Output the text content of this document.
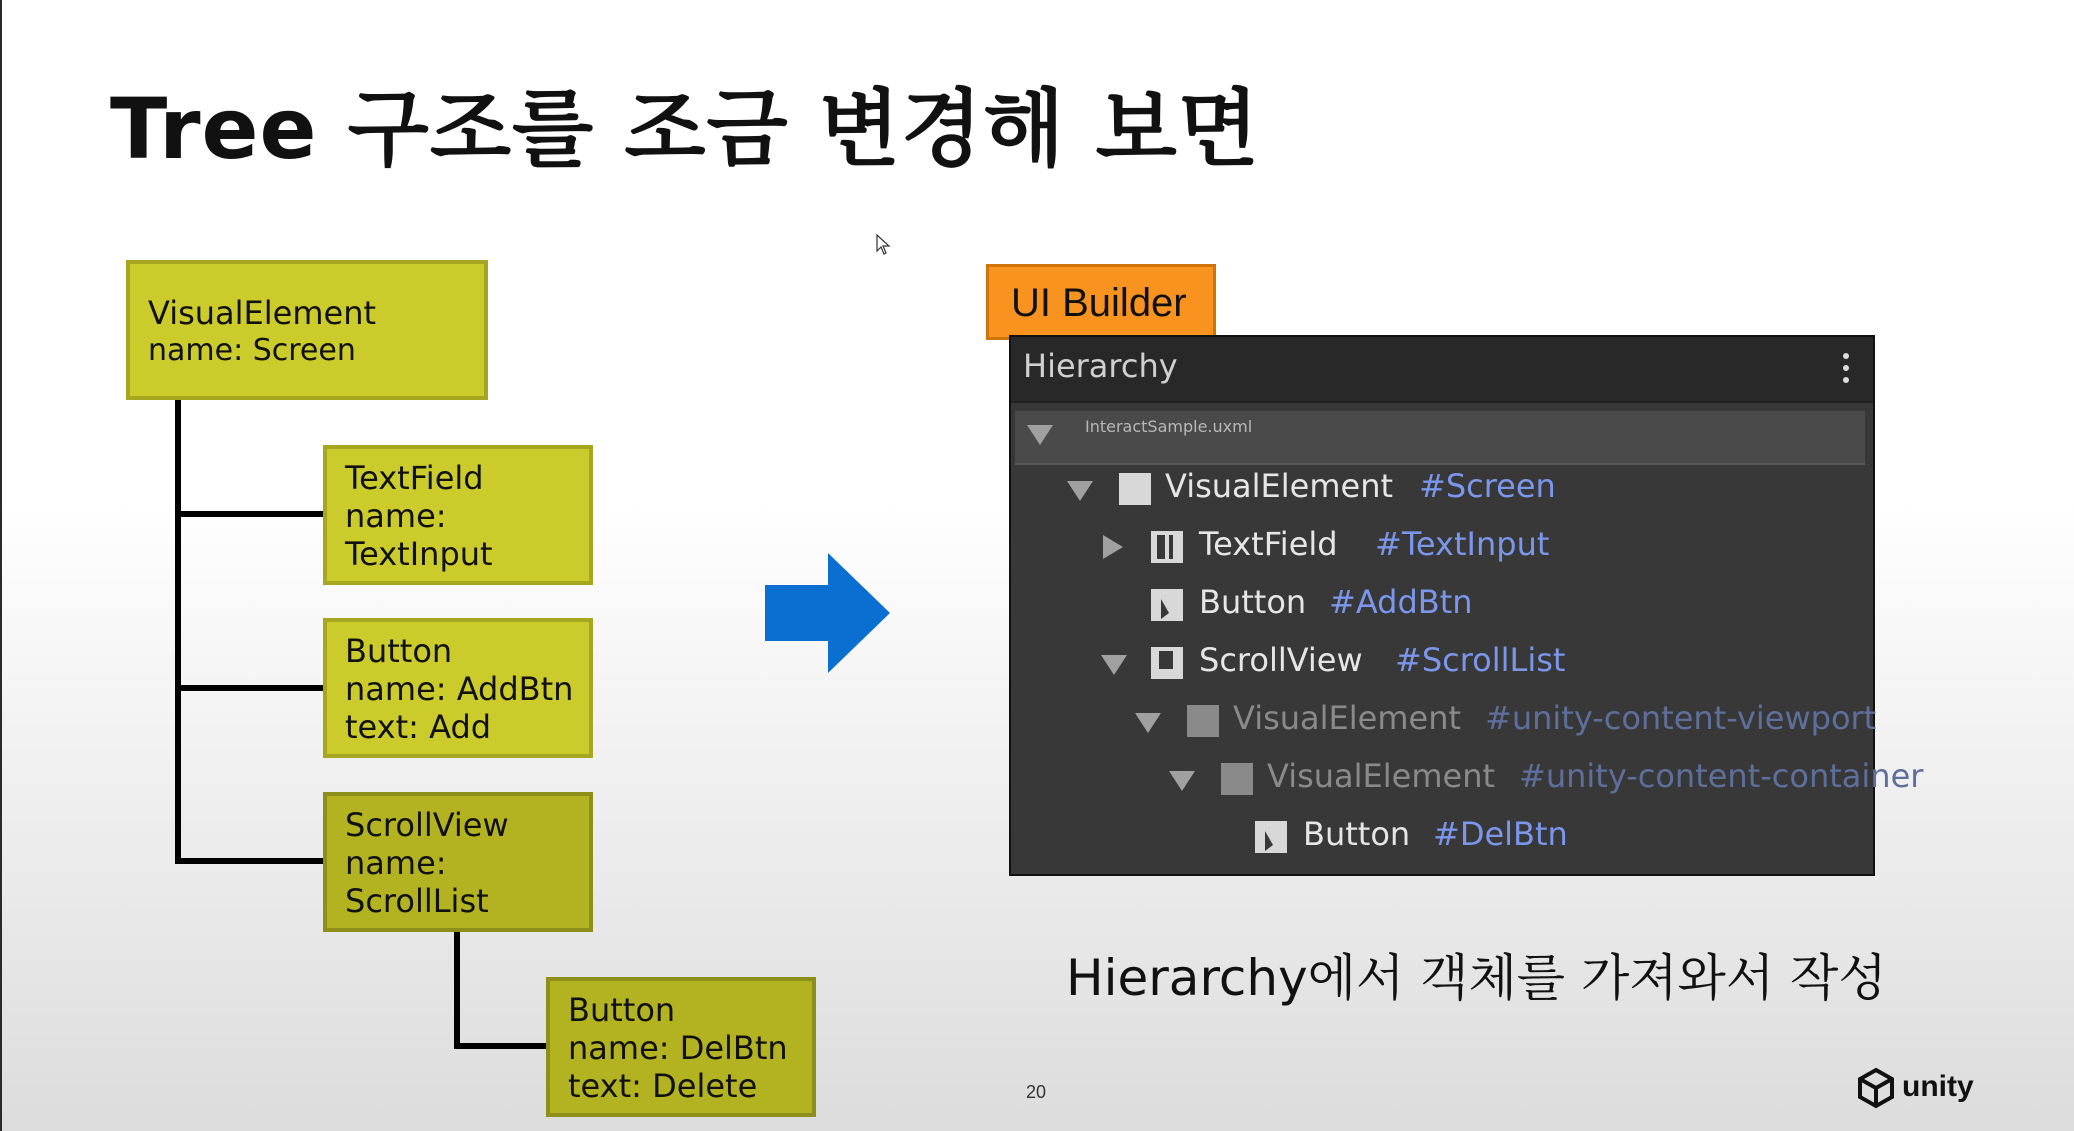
Tree 구조를 조금 변경해 보면
VisualElement
name: Screen
TextField
name:
TextInput
Button
name: AddBtn
text: Add
ScrollView
name:
ScrollList
Button
name: DelBtn
text: Delete
UI Builder
Hierarchy
InteractSample.uxml
VisualElement #Screen
TextField #TextInput
Button #AddBtn
ScrollView #ScrollList
VisualElement #unity-content-viewport
VisualElement #unity-content-container
Button #DelBtn
Hierarchy에서 객체를 가져와서 작성
20	unity
